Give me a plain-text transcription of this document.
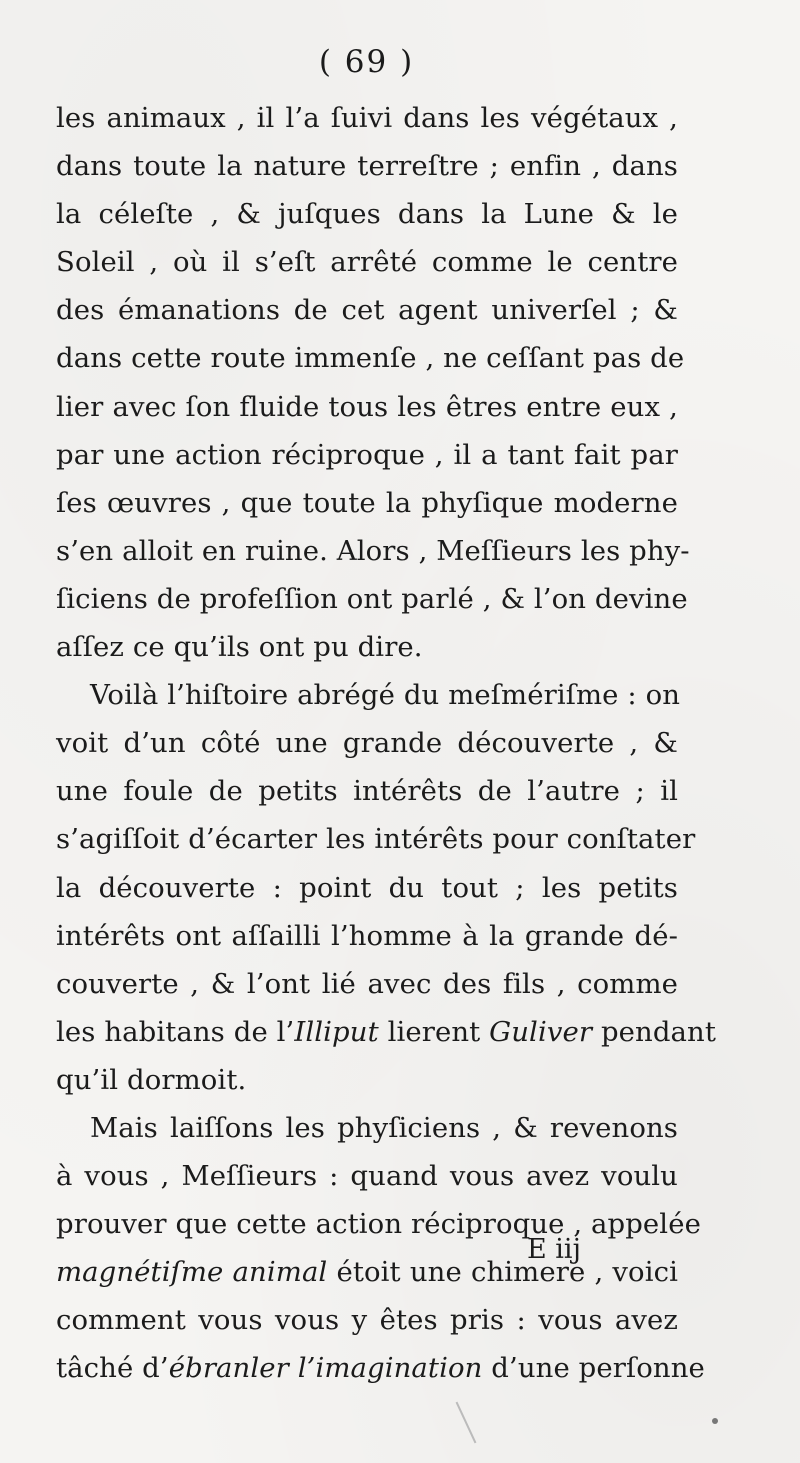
( 69 )
les animaux , il l’a ſuivi dans les végétaux ,
dans toute la nature terreſtre ; enfin , dans
la céleſte , & juſques dans la Lune & le
Soleil , où il s’eſt arrêté comme le centre
des émanations de cet agent univerſel ; &
dans cette route immenſe , ne ceſſant pas de
lier avec ſon fluide tous les êtres entre eux ,
par une action réciproque , il a tant fait par
ſes œuvres , que toute la phyſique moderne
s’en alloit en ruine. Alors , Meſſieurs les phy-
ſiciens de profeſſion ont parlé , & l’on devine
aſſez ce qu’ils ont pu dire.
Voilà l’hiſtoire abrégé du meſmériſme : on
voit d’un côté une grande découverte , &
une foule de petits intérêts de l’autre ; il
s’agiſſoit d’écarter les intérêts pour conſtater
la découverte : point du tout ; les petits
intérêts ont aſſailli l’homme à la grande dé-
couverte , & l’ont lié avec des fils , comme
les habitans de l’Illiput lierent Guliver pendant
qu’il dormoit.
Mais laiſſons les phyſiciens , & revenons
à vous , Meſſieurs : quand vous avez voulu
prouver que cette action réciproque , appelée
magnétiſme animal étoit une chimere , voici
comment vous vous y êtes pris : vous avez
tâché d’ébranler l’imagination d’une perſonne
E iij
